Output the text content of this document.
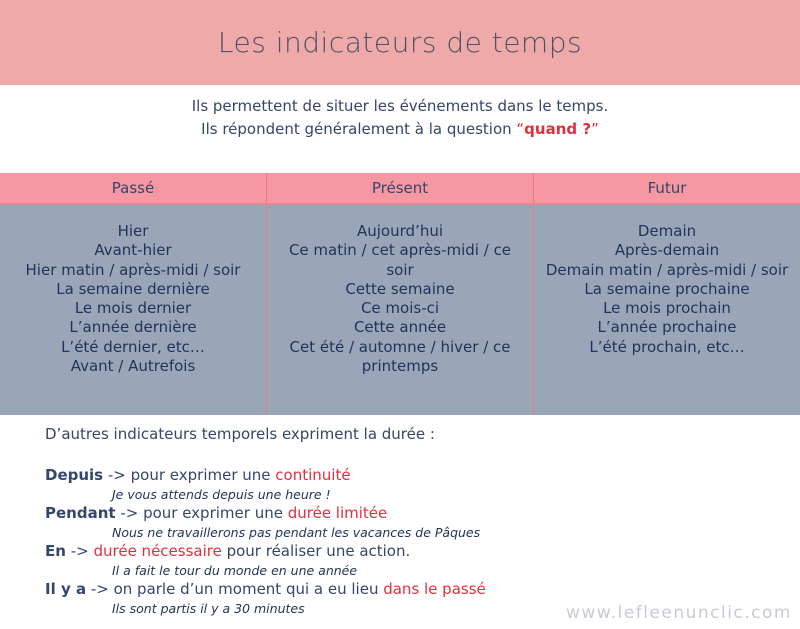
Les indicateurs de temps
Ils permettent de situer les événements dans le temps.
Ils répondent généralement à la question “quand ?”
Passé
Hier
Avant-hier
Hier matin / après-midi / soir
La semaine dernière
Le mois dernier
L’année dernière
L’été dernier, etc…
Avant / Autrefois
Présent
Aujourd’hui
Ce matin / cet après-midi / ce soir
Cette semaine
Ce mois-ci
Cette année
Cet été / automne / hiver / ce printemps
Futur
Demain
Après-demain
Demain matin / après-midi / soir
La semaine prochaine
Le mois prochain
L’année prochaine
L’été prochain, etc…

D’autres indicateurs temporels expriment la durée :

Depuis -> pour exprimer une continuité
Je vous attends depuis une heure !
Pendant -> pour exprimer une durée limitée
Nous ne travaillerons pas pendant les vacances de Pâques
En -> durée nécessaire pour réaliser une action.
Il a fait le tour du monde en une année
Il y a -> on parle d’un moment qui a eu lieu dans le passé
Ils sont partis il y a 30 minutes	www.lefleenunclic.com
